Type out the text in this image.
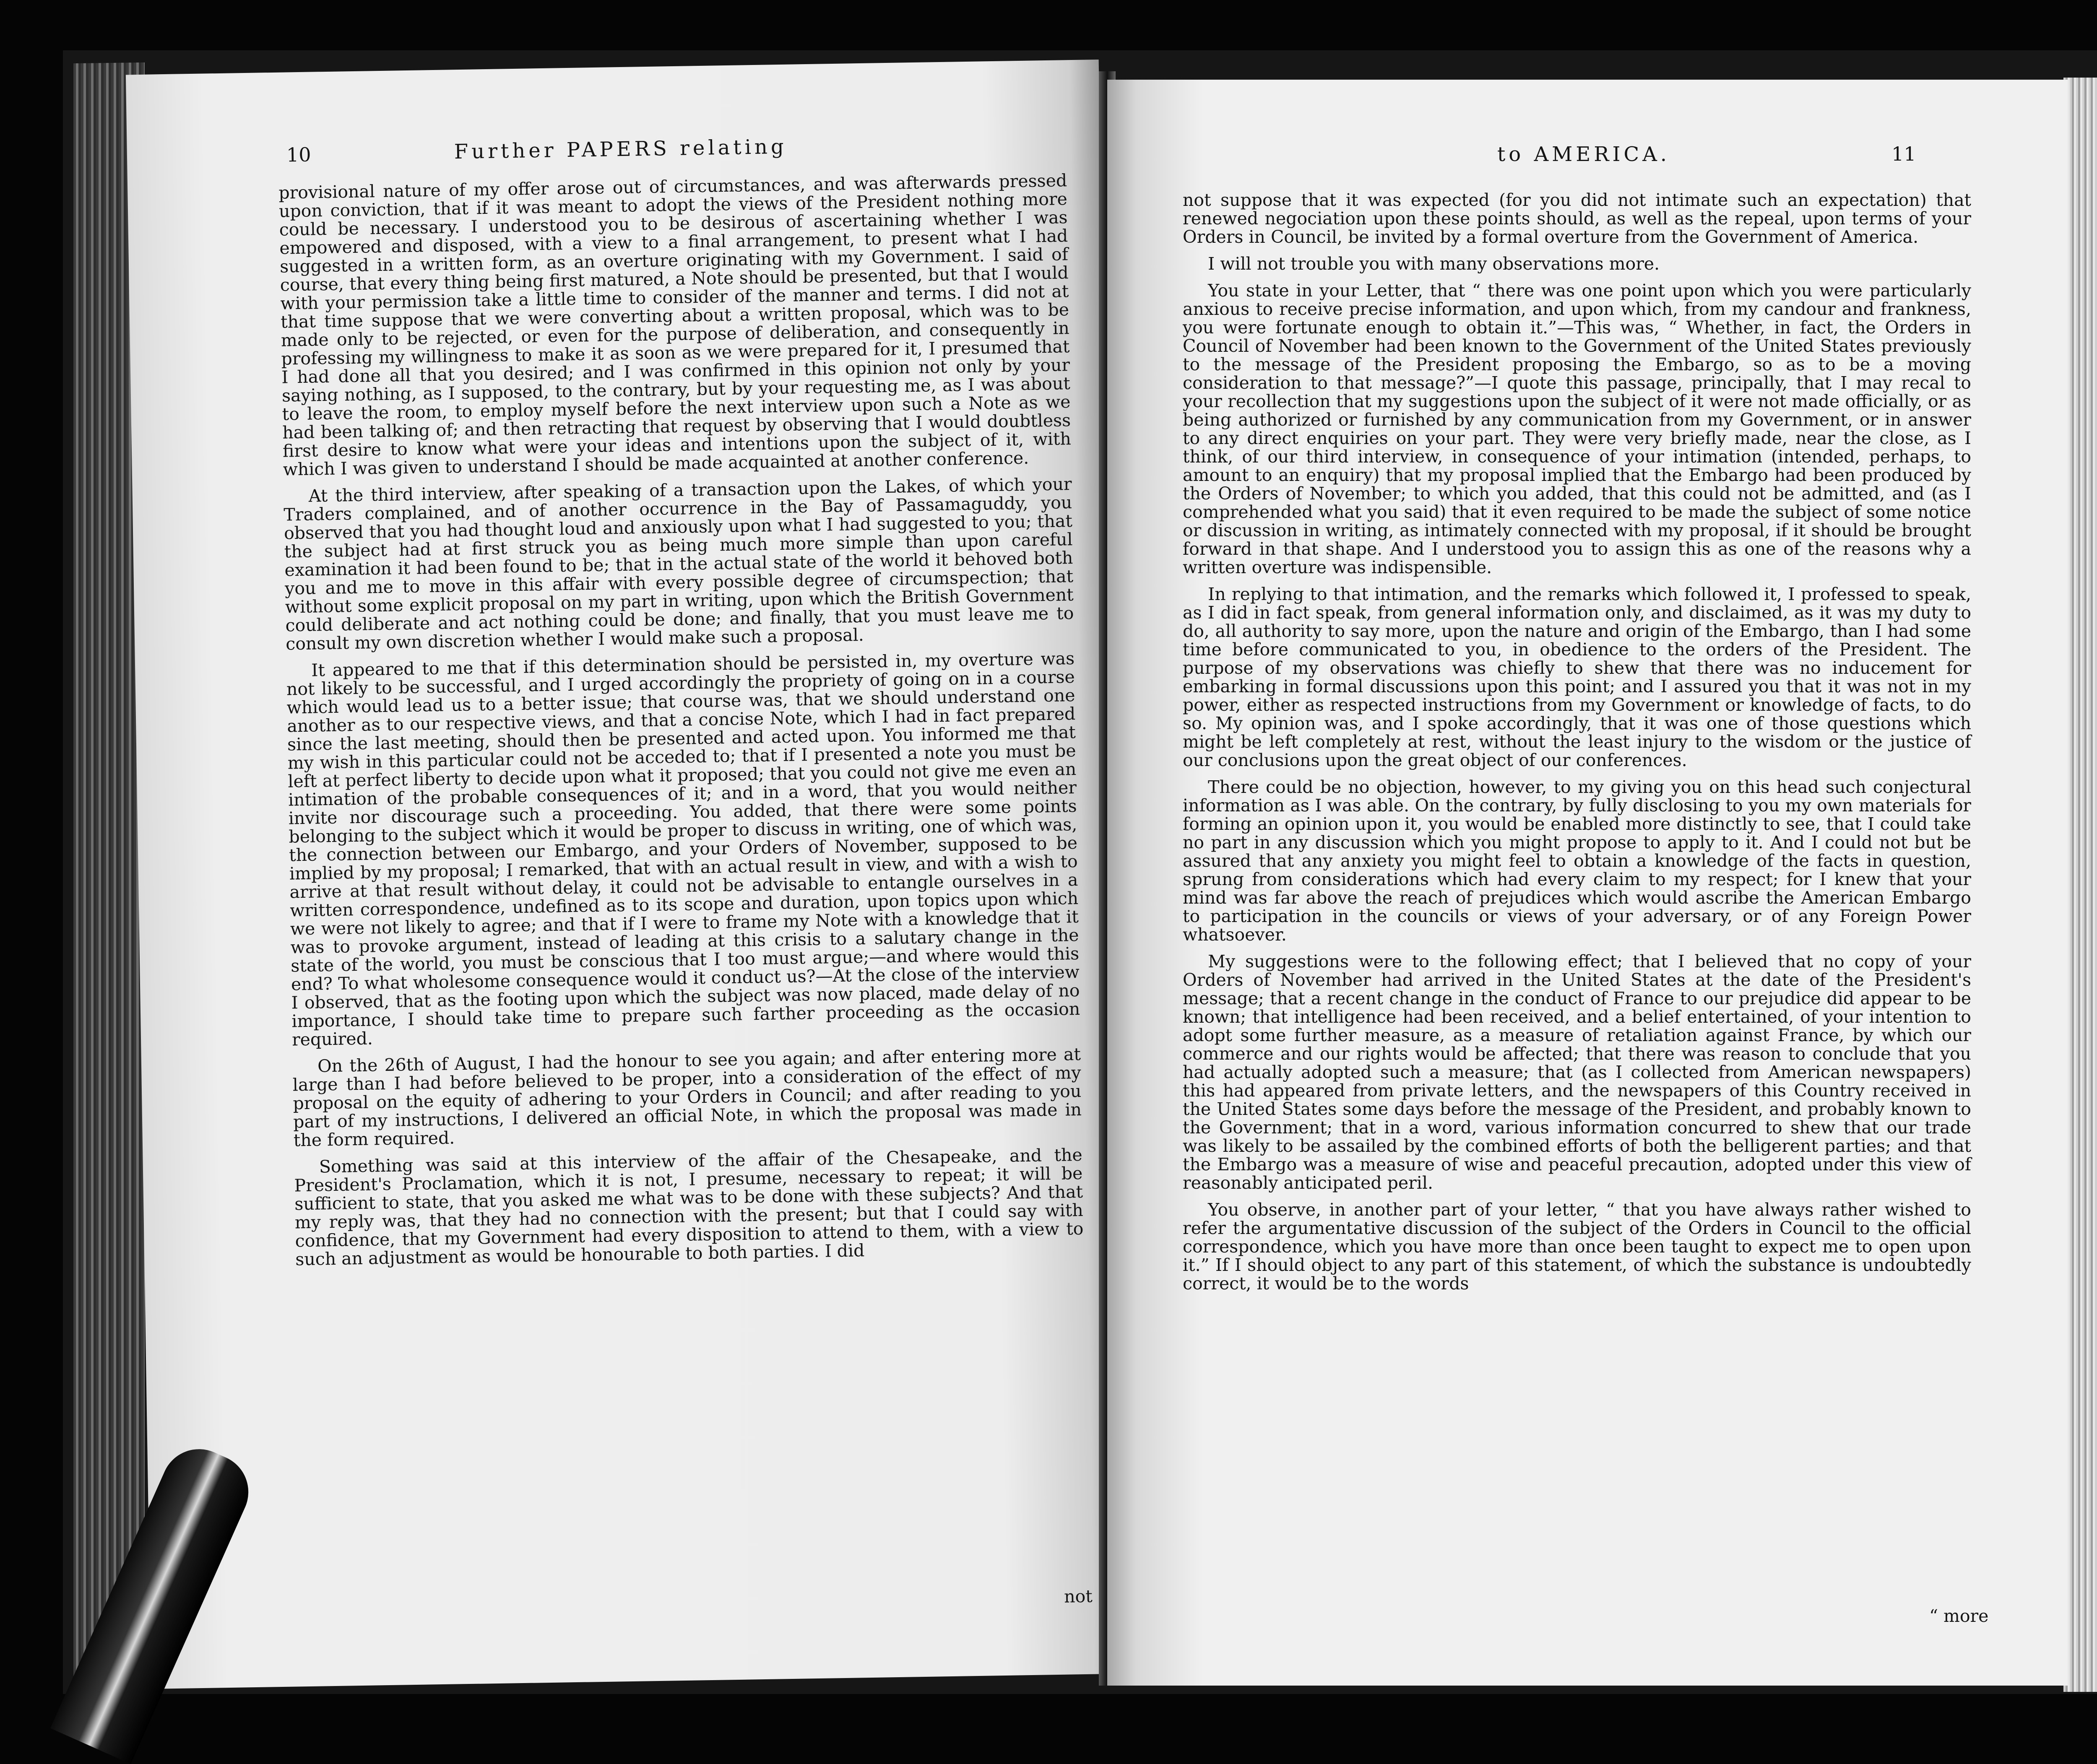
10	Further PAPERS relating

provisional nature of my offer arose out of circumstances, and was afterwards pressed upon conviction, that if it was meant to adopt the views of the President nothing more could be necessary. I understood you to be desirous of ascertaining whether I was empowered and disposed, with a view to a final arrangement, to present what I had suggested in a written form, as an overture originating with my Government. I said of course, that every thing being first matured, a Note should be presented, but that I would with your permission take a little time to consider of the manner and terms. I did not at that time suppose that we were converting about a written proposal, which was to be made only to be rejected, or even for the purpose of deliberation, and consequently in professing my willingness to make it as soon as we were prepared for it, I presumed that I had done all that you desired; and I was confirmed in this opinion not only by your saying nothing, as I supposed, to the contrary, but by your requesting me, as I was about to leave the room, to employ myself before the next interview upon such a Note as we had been talking of; and then retracting that request by observing that I would doubtless first desire to know what were your ideas and intentions upon the subject of it, with which I was given to understand I should be made acquainted at another conference.

At the third interview, after speaking of a transaction upon the Lakes, of which your Traders complained, and of another occurrence in the Bay of Passamaguddy, you observed that you had thought loud and anxiously upon what I had suggested to you; that the subject had at first struck you as being much more simple than upon careful examination it had been found to be; that in the actual state of the world it behoved both you and me to move in this affair with every possible degree of circumspection; that without some explicit proposal on my part in writing, upon which the British Government could deliberate and act nothing could be done; and finally, that you must leave me to consult my own discretion whether I would make such a proposal.

It appeared to me that if this determination should be persisted in, my overture was not likely to be successful, and I urged accordingly the propriety of going on in a course which would lead us to a better issue; that course was, that we should understand one another as to our respective views, and that a concise Note, which I had in fact prepared since the last meeting, should then be presented and acted upon. You informed me that my wish in this particular could not be acceded to; that if I presented a note you must be left at perfect liberty to decide upon what it proposed; that you could not give me even an intimation of the probable consequences of it; and in a word, that you would neither invite nor discourage such a proceeding. You added, that there were some points belonging to the subject which it would be proper to discuss in writing, one of which was, the connection between our Embargo, and your Orders of November, supposed to be implied by my proposal; I remarked, that with an actual result in view, and with a wish to arrive at that result without delay, it could not be advisable to entangle ourselves in a written correspondence, undefined as to its scope and duration, upon topics upon which we were not likely to agree; and that if I were to frame my Note with a knowledge that it was to provoke argument, instead of leading at this crisis to a salutary change in the state of the world, you must be conscious that I too must argue;—and where would this end? To what wholesome consequence would it conduct us?—At the close of the interview I observed, that as the footing upon which the subject was now placed, made delay of no importance, I should take time to prepare such farther proceeding as the occasion required.

On the 26th of August, I had the honour to see you again; and after entering more at large than I had before believed to be proper, into a consideration of the effect of my proposal on the equity of adhering to your Orders in Council; and after reading to you part of my instructions, I delivered an official Note, in which the proposal was made in the form required.

Something was said at this interview of the affair of the Chesapeake, and the President's Proclamation, which it is not, I presume, necessary to repeat; it will be sufficient to state, that you asked me what was to be done with these subjects? And that my reply was, that they had no connection with the present; but that I could say with confidence, that my Government had every disposition to attend to them, with a view to such an adjustment as would be honourable to both parties. I did

not
to AMERICA.	11

not suppose that it was expected (for you did not intimate such an expectation) that renewed negociation upon these points should, as well as the repeal, upon terms of your Orders in Council, be invited by a formal overture from the Government of America.

I will not trouble you with many observations more.

You state in your Letter, that “ there was one point upon which you were particularly anxious to receive precise information, and upon which, from my candour and frankness, you were fortunate enough to obtain it.”—This was, “ Whether, in fact, the Orders in Council of November had been known to the Government of the United States previously to the message of the President proposing the Embargo, so as to be a moving consideration to that message?”—I quote this passage, principally, that I may recal to your recollection that my suggestions upon the subject of it were not made officially, or as being authorized or furnished by any communication from my Government, or in answer to any direct enquiries on your part. They were very briefly made, near the close, as I think, of our third interview, in consequence of your intimation (intended, perhaps, to amount to an enquiry) that my proposal implied that the Embargo had been produced by the Orders of November; to which you added, that this could not be admitted, and (as I comprehended what you said) that it even required to be made the subject of some notice or discussion in writing, as intimately connected with my proposal, if it should be brought forward in that shape. And I understood you to assign this as one of the reasons why a written overture was indispensible.

In replying to that intimation, and the remarks which followed it, I professed to speak, as I did in fact speak, from general information only, and disclaimed, as it was my duty to do, all authority to say more, upon the nature and origin of the Embargo, than I had some time before communicated to you, in obedience to the orders of the President. The purpose of my observations was chiefly to shew that there was no inducement for embarking in formal discussions upon this point; and I assured you that it was not in my power, either as respected instructions from my Government or knowledge of facts, to do so. My opinion was, and I spoke accordingly, that it was one of those questions which might be left completely at rest, without the least injury to the wisdom or the justice of our conclusions upon the great object of our conferences.

There could be no objection, however, to my giving you on this head such conjectural information as I was able. On the contrary, by fully disclosing to you my own materials for forming an opinion upon it, you would be enabled more distinctly to see, that I could take no part in any discussion which you might propose to apply to it. And I could not but be assured that any anxiety you might feel to obtain a knowledge of the facts in question, sprung from considerations which had every claim to my respect; for I knew that your mind was far above the reach of prejudices which would ascribe the American Embargo to participation in the councils or views of your adversary, or of any Foreign Power whatsoever.

My suggestions were to the following effect; that I believed that no copy of your Orders of November had arrived in the United States at the date of the President's message; that a recent change in the conduct of France to our prejudice did appear to be known; that intelligence had been received, and a belief entertained, of your intention to adopt some further measure, as a measure of retaliation against France, by which our commerce and our rights would be affected; that there was reason to conclude that you had actually adopted such a measure; that (as I collected from American newspapers) this had appeared from private letters, and the newspapers of this Country received in the United States some days before the message of the President, and probably known to the Government; that in a word, various information concurred to shew that our trade was likely to be assailed by the combined efforts of both the belligerent parties; and that the Embargo was a measure of wise and peaceful precaution, adopted under this view of reasonably anticipated peril.

You observe, in another part of your letter, “ that you have always rather wished to refer the argumentative discussion of the subject of the Orders in Council to the official correspondence, which you have more than once been taught to expect me to open upon it.” If I should object to any part of this statement, of which the substance is undoubtedly correct, it would be to the words

“ more
